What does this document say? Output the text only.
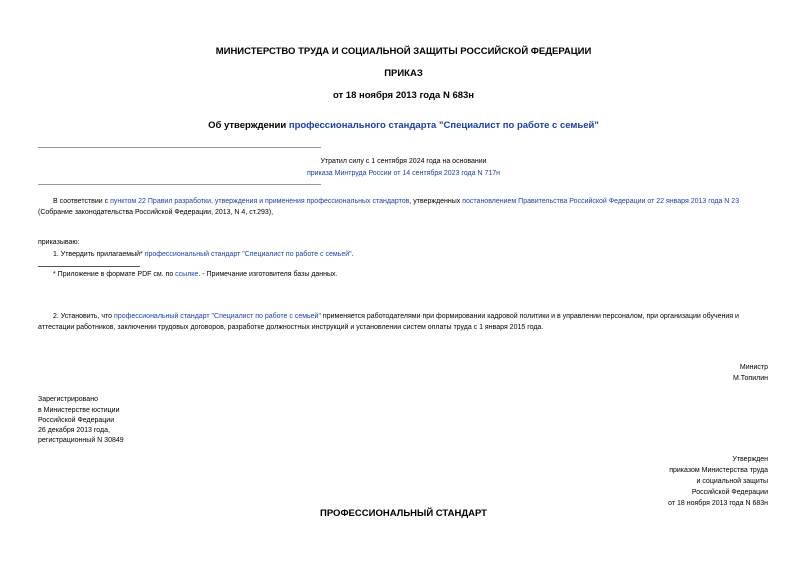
МИНИСТЕРСТВО ТРУДА И СОЦИАЛЬНОЙ ЗАЩИТЫ РОССИЙСКОЙ ФЕДЕРАЦИИ
ПРИКАЗ
от 18 ноября 2013 года N 683н
Об утверждении профессионального стандарта "Специалист по работе с семьей"
Утратил силу с 1 сентября 2024 года на основании
приказа Минтруда России от 14 сентября 2023 года N 717н
В соответствии с пунктом 22 Правил разработки, утверждения и применения профессиональных стандартов, утвержденных постановлением Правительства Российской Федерации от 22 января 2013 года N 23
(Собрание законодательства Российской Федерации, 2013, N 4, ст.293),
приказываю:
1. Утвердить прилагаемый* профессиональный стандарт "Специалист по работе с семьей".
* Приложение в формате PDF см. по ссылке. - Примечание изготовителя базы данных.
2. Установить, что профессиональный стандарт "Специалист по работе с семьей" применяется работодателями при формировании кадровой политики и в управлении персоналом, при организации обучения и
аттестации работников, заключении трудовых договоров, разработке должностных инструкций и установлении систем оплаты труда с 1 января 2015 года.
Министр
М.Топилин
Зарегистрировано
в Министерстве юстиции
Российской Федерации
26 декабря 2013 года,
регистрационный N 30849
Утвержден
приказом Министерства труда
и социальной защиты
Российской Федерации
от 18 ноября 2013 года N 683н
ПРОФЕССИОНАЛЬНЫЙ СТАНДАРТ
